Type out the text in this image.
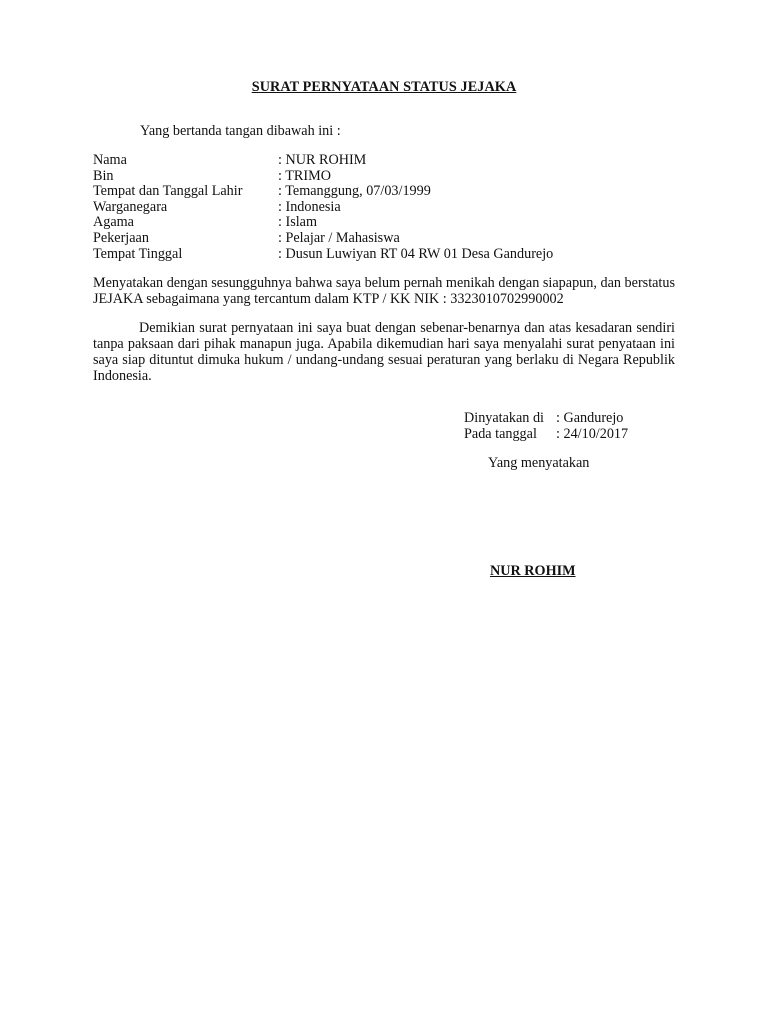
SURAT PERNYATAAN STATUS JEJAKA
Yang bertanda tangan dibawah ini :
Nama	: NUR ROHIM
Bin	: TRIMO
Tempat dan Tanggal Lahir	: Temanggung, 07/03/1999
Warganegara	: Indonesia
Agama	: Islam
Pekerjaan	: Pelajar / Mahasiswa
Tempat Tinggal	: Dusun Luwiyan RT 04 RW 01 Desa Gandurejo
Menyatakan dengan sesungguhnya bahwa saya belum pernah menikah dengan siapapun, dan berstatus JEJAKA sebagaimana yang tercantum dalam KTP / KK NIK : 3323010702990002
Demikian surat pernyataan ini saya buat dengan sebenar-benarnya dan atas kesadaran sendiri tanpa paksaan dari pihak manapun juga. Apabila dikemudian hari saya menyalahi surat penyataan ini saya siap dituntut dimuka hukum / undang-undang sesuai peraturan yang berlaku di Negara Republik Indonesia.
Dinyatakan di : Gandurejo
Pada tanggal : 24/10/2017
Yang menyatakan
NUR ROHIM
